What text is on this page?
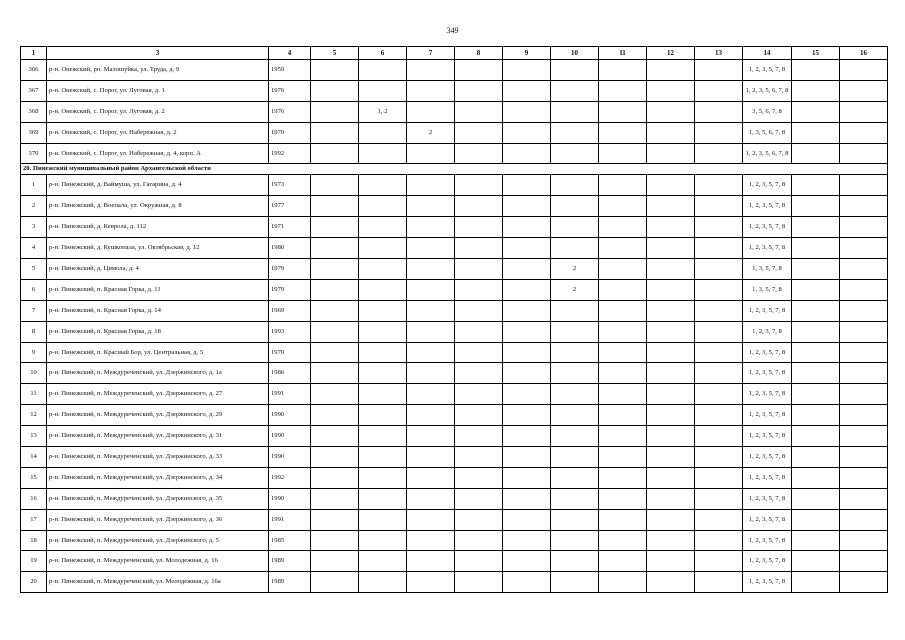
349
1	3	4	5	6	7	8	9	10	11	12	13	14	15	16
366	р-н. Онежский, рп. Малошуйка, ул. Труда, д. 9	1959										1, 2, 3, 5, 7, 8		
367	р-н. Онежский, с. Порог, ул. Луговая, д. 1	1976										1, 2, 3, 5, 6, 7, 8		
368	р-н. Онежский, с. Порог, ул. Луговая, д. 2	1976		1, 2								3, 5, 6, 7, 8		
369	р-н. Онежский, с. Порог, ул. Набережная, д. 2	1970			2							1, 3, 5, 6, 7, 8		
370	р-н. Онежский, с. Порог, ул. Набережная, д. 4, корп. А	1992										1, 2, 3, 5, 6, 7, 8		
20. Пинежский муниципальный район Архангельской области														
1	р-н. Пинежский, д. Ваймуша, ул. Гагарина, д. 4	1973										1, 2, 3, 5, 7, 8		
2	р-н. Пинежский, д. Воепала, ул. Окружная, д. 8	1977										1, 2, 3, 5, 7, 8		
3	р-н. Пинежский, д. Кеврола, д. 112	1971										1, 2, 3, 5, 7, 8		
4	р-н. Пинежский, д. Кушкопала, ул. Октябрьская, д. 12	1980										1, 2, 3, 5, 7, 8		
5	р-н. Пинежский, д. Цимола, д. 4	1979						2				1, 3, 5, 7, 8		
6	р-н. Пинежский, п. Красная Горка, д. 11	1979						2				1, 3, 5, 7, 8		
7	р-н. Пинежский, п. Красная Горка, д. 14	1969										1, 2, 3, 5, 7, 8		
8	р-н. Пинежский, п. Красная Горка, д. 18	1993										1, 2, 3, 7, 8		
9	р-н. Пинежский, п. Красный Бор, ул. Центральная, д. 5	1970										1, 2, 3, 5, 7, 8		
10	р-н. Пинежский, п. Междуреченский, ул. Дзержинского, д. 1а	1986										1, 2, 3, 5, 7, 8		
11	р-н. Пинежский, п. Междуреченский, ул. Дзержинского, д. 27	1991										1, 2, 3, 5, 7, 8		
12	р-н. Пинежский, п. Междуреченский, ул. Дзержинского, д. 29	1990										1, 2, 3, 5, 7, 8		
13	р-н. Пинежский, п. Междуреченский, ул. Дзержинского, д. 31	1990										1, 2, 3, 5, 7, 8		
14	р-н. Пинежский, п. Междуреченский, ул. Дзержинского, д. 33	1990										1, 2, 3, 5, 7, 8		
15	р-н. Пинежский, п. Междуреченский, ул. Дзержинского, д. 34	1992										1, 2, 3, 5, 7, 8		
16	р-н. Пинежский, п. Междуреченский, ул. Дзержинского, д. 35	1990										1, 2, 3, 5, 7, 8		
17	р-н. Пинежский, п. Междуреченский, ул. Дзержинского, д. 36	1991										1, 2, 3, 5, 7, 8		
18	р-н. Пинежский, п. Междуреченский, ул. Дзержинского, д. 5	1985										1, 2, 3, 5, 7, 8		
19	р-н. Пинежский, п. Междуреченский, ул. Молодежная, д. 16	1989										1, 2, 3, 5, 7, 8		
20	р-н. Пинежский, п. Междуреченский, ул. Молодежная, д. 16а	1989										1, 2, 3, 5, 7, 8		
